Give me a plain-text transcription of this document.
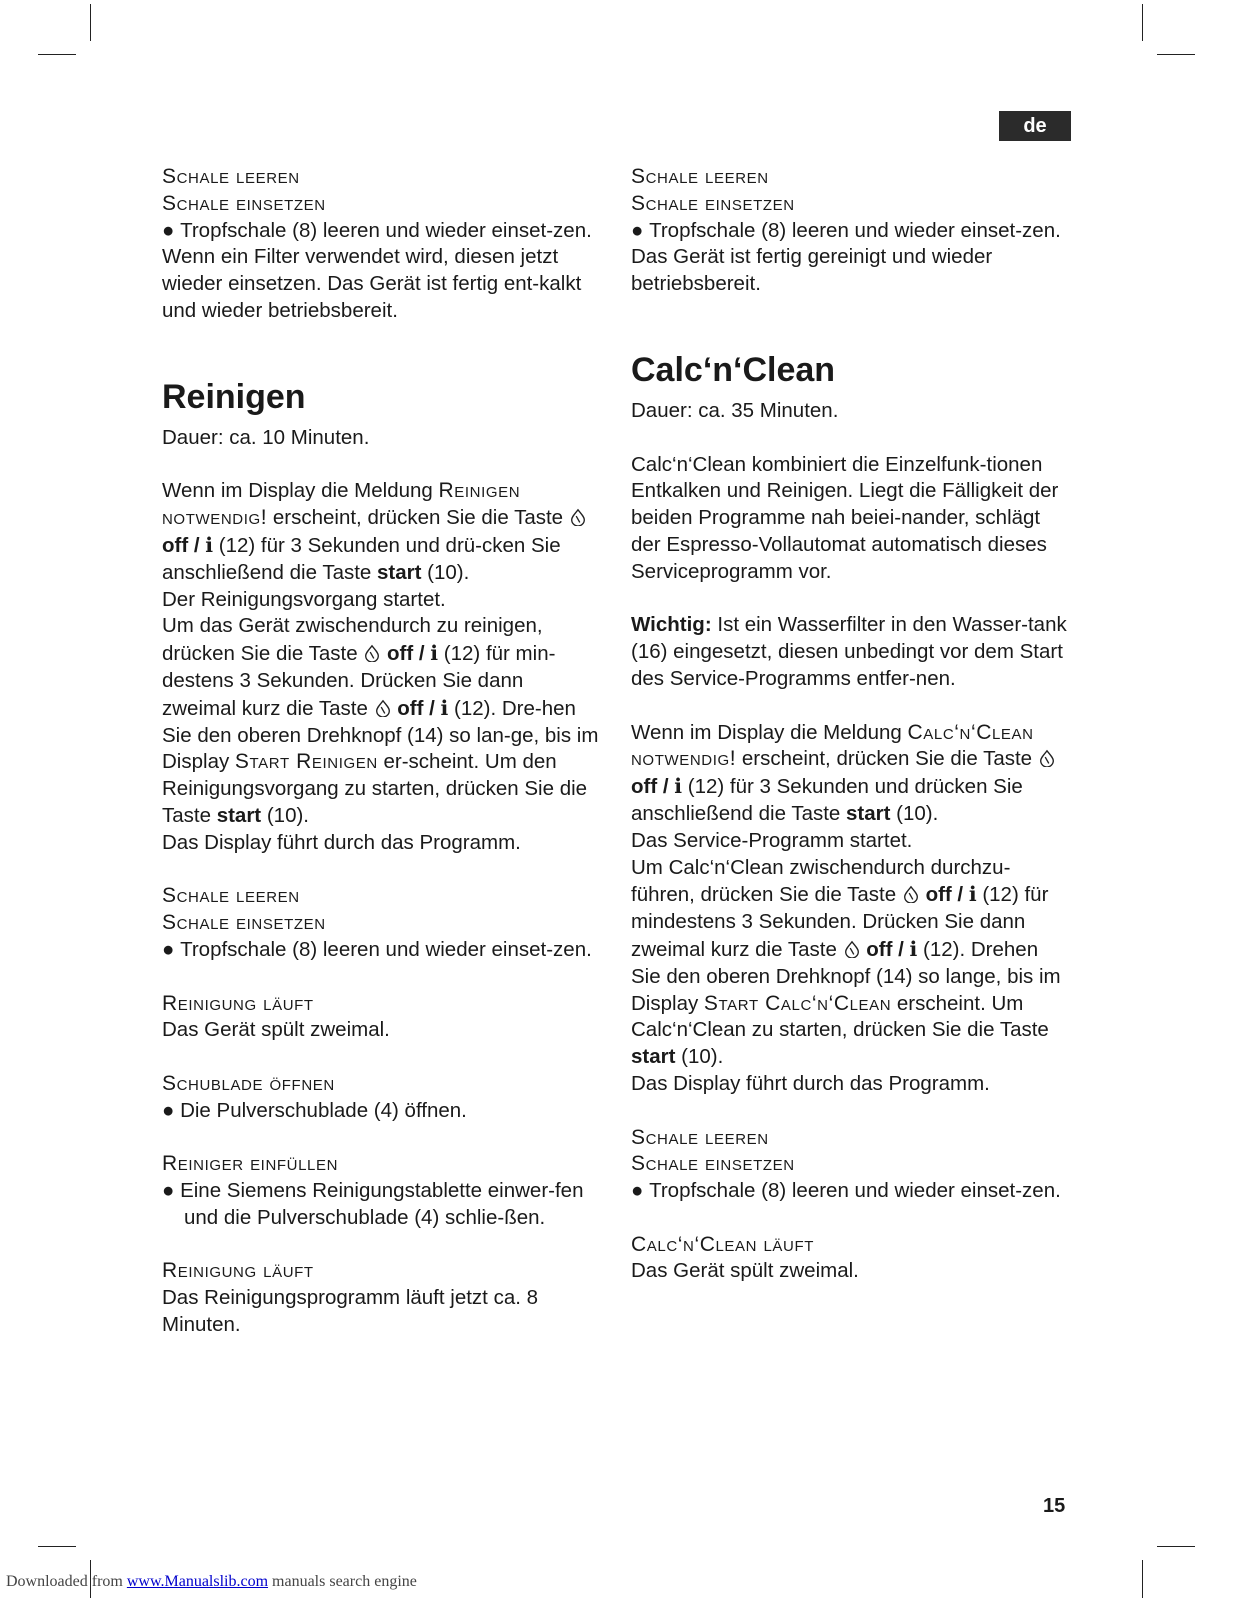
de

Schale leeren

Schale einsetzen

● Tropfschale (8) leeren und wieder einset-zen.

Wenn ein Filter verwendet wird, diesen jetzt wieder einsetzen. Das Gerät ist fertig ent-kalkt und wieder betriebsbereit.

Reinigen

Dauer: ca. 10 Minuten.

Wenn im Display die Meldung Reinigen notwendig! erscheint, drücken Sie die Taste  off / i (12) für 3 Sekunden und drü-cken Sie anschließend die Taste start (10).

Der Reinigungsvorgang startet.

Um das Gerät zwischendurch zu reinigen, drücken Sie die Taste  off / i (12) für min-destens 3 Sekunden. Drücken Sie dann zweimal kurz die Taste  off / i (12). Dre-hen Sie den oberen Drehknopf (14) so lan-ge, bis im Display Start Reinigen er-scheint. Um den Reinigungsvorgang zu starten, drücken Sie die Taste start (10).

Das Display führt durch das Programm.

Schale leeren

Schale einsetzen

● Tropfschale (8) leeren und wieder einset-zen.

Reinigung läuft

Das Gerät spült zweimal.

Schublade öffnen

● Die Pulverschublade (4) öffnen.

Reiniger einfüllen

● Eine Siemens Reinigungstablette einwer-fen und die Pulverschublade (4) schlie-ßen.

Reinigung läuft

Das Reinigungsprogramm läuft jetzt ca. 8 Minuten.

Schale leeren

Schale einsetzen

● Tropfschale (8) leeren und wieder einset-zen.

Das Gerät ist fertig gereinigt und wieder betriebsbereit.

Calc‘n‘Clean

Dauer: ca. 35 Minuten.

Calc‘n‘Clean kombiniert die Einzelfunk-tionen Entkalken und Reinigen. Liegt die Fälligkeit der beiden Programme nah beiei-nander, schlägt der Espresso-Vollautomat automatisch dieses Serviceprogramm vor.

Wichtig: Ist ein Wasserfilter in den Wasser-tank (16) eingesetzt, diesen unbedingt vor dem Start des Service-Programms entfer-nen.

Wenn im Display die Meldung Calc‘n‘Clean notwendig! erscheint, drücken Sie die Taste  off / i (12) für 3 Sekunden und drücken Sie anschließend die Taste start (10).

Das Service-Programm startet.

Um Calc‘n‘Clean zwischendurch durchzu-führen, drücken Sie die Taste  off / i (12) für mindestens 3 Sekunden. Drücken Sie dann zweimal kurz die Taste  off / i (12). Drehen Sie den oberen Drehknopf (14) so lange, bis im Display Start Calc‘n‘Clean erscheint. Um Calc‘n‘Clean zu starten, drücken Sie die Taste start (10).

Das Display führt durch das Programm.

Schale leeren

Schale einsetzen

● Tropfschale (8) leeren und wieder einset-zen.

Calc‘n‘Clean läuft

Das Gerät spült zweimal.

15
Downloaded from www.Manualslib.com manuals search engine
